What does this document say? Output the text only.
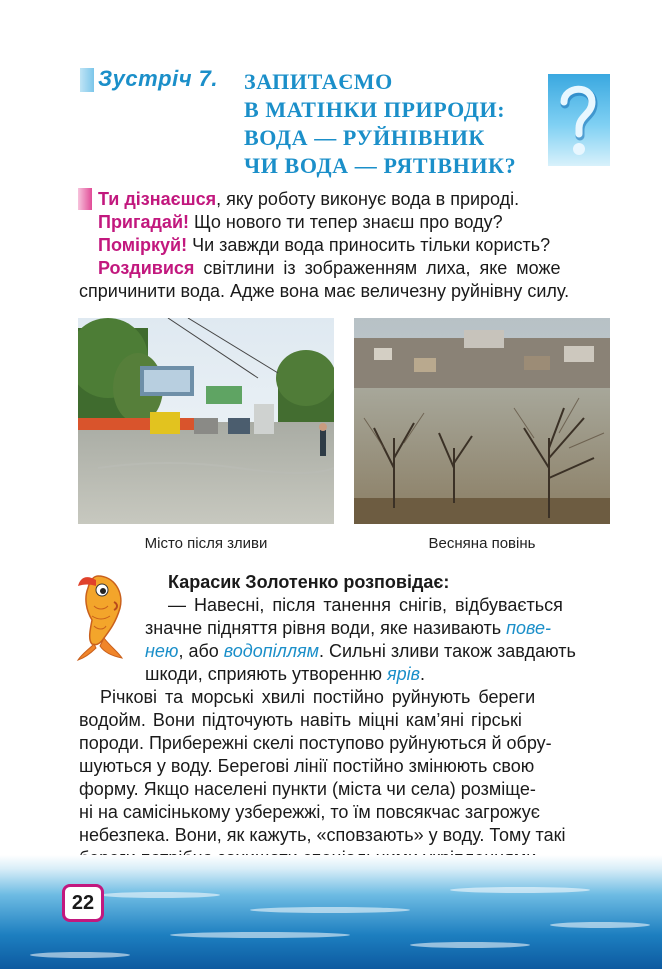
Зустріч 7. ЗАПИТАЄМО
В МАТІНКИ ПРИРОДИ:
ВОДА — РУЙНІВНИК
ЧИ ВОДА — РЯТІВНИК?
Ти дізнаєшся, яку роботу виконує вода в природі.
Пригадай! Що нового ти тепер знаєш про воду?
Поміркуй! Чи завжди вода приносить тільки користь?
Роздивися світлини із зображенням лиха, яке може
спричинити вода. Адже вона має величезну руйнівну силу.
Місто після зливи	Весняна повінь
Карасик Золотенко розповідає:
— Навесні, після танення снігів, відбувається
значне підняття рівня води, яке називають пове-
нею, або водопіллям. Сильні зливи також завдають
шкоди, сприяють утворенню ярів.
Річкові та морські хвилі постійно руйнують береги
водойм. Вони підточують навіть міцні кам’яні гірські
породи. Прибережні скелі поступово руйнуються й обру-
шуються у воду. Берегові лінії постійно змінюють свою
форму. Якщо населені пункти (міста чи села) розміще-
ні на самісінькому узбережжі, то їм повсякчас загрожує
небезпека. Вони, як кажуть, «сповзають» у воду. Тому такі
22
